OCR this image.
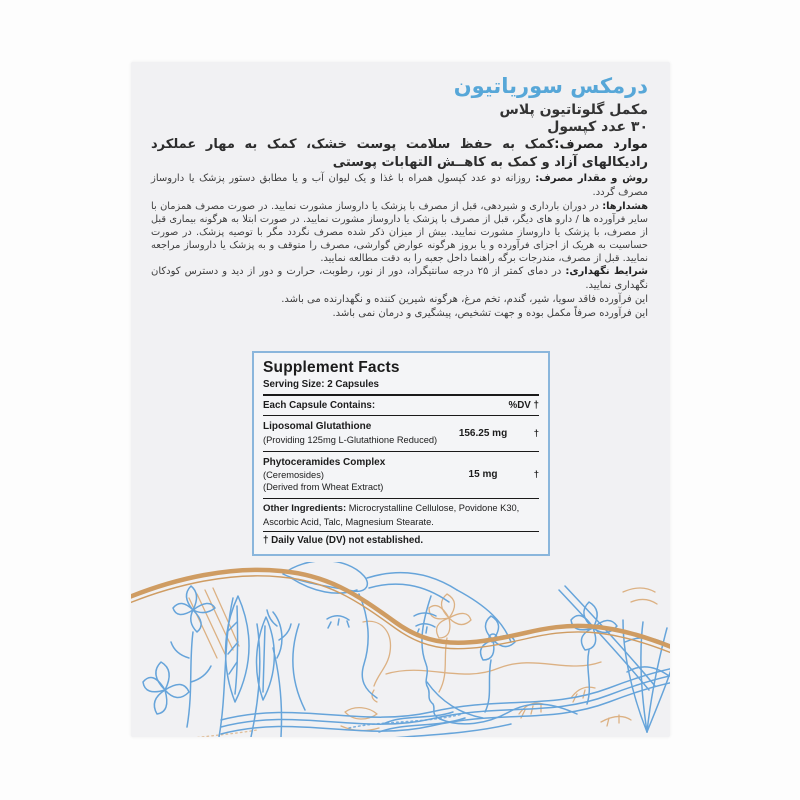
درمکس سوریاتیون
مکمل گلوتاتیون پلاس
۳۰ عدد کپسول

موارد مصرف:کمک به حفظ سلامت پوست خشک، کمک به مهار عملکرد رادیکالهای آزاد و کمک به کاهــش التهابات پوستی

روش و مقدار مصرف: روزانه دو عدد کپسول همراه با غذا و یک لیوان آب و یا مطابق دستور پزشک یا داروساز مصرف گردد.

هشدارها: در دوران بارداری و شیردهی، قبل از مصرف با پزشک یا داروساز مشورت نمایید. در صورت مصرف همزمان با سایر فرآورده ها / دارو های دیگر، قبل از مصرف با پزشک یا داروساز مشورت نمایید. در صورت ابتلا به هرگونه بیماری قبل از مصرف، با پزشک یا داروساز مشورت نمایید. بیش از میزان ذکر شده مصرف نگردد مگر با توصیه پزشک. در صورت حساسیت به هریک از اجزای فرآورده و یا بروز هرگونه عوارض گوارشی، مصرف را متوقف و به پزشک یا داروساز مراجعه نمایید. قبل از مصرف، مندرجات برگه راهنما داخل جعبه را به دقت مطالعه نمایید.

شرایط نگهداری: در دمای کمتر از ۲۵ درجه سانتیگراد، دور از نور، رطوبت، حرارت و دور از دید و دسترس کودکان نگهداری نمایید.

این فرآورده فاقد سویا، شیر، گندم، تخم مرغ، هرگونه شیرین کننده و نگهدارنده می باشد.

این فرآورده صرفاً مکمل بوده و جهت تشخیص، پیشگیری و درمان نمی باشد.

Supplement Facts
Serving Size: 2 Capsules
Each Capsule Contains:	%DV †
Liposomal Glutathione
(Providing 125mg L-Glutathione Reduced)
156.25 mg	†
Phytoceramides Complex
(Ceremosides)
(Derived from Wheat Extract)
15 mg	†
Other Ingredients: Microcrystalline Cellulose, Povidone K30, Ascorbic Acid, Talc, Magnesium Stearate.
† Daily Value (DV) not established.
